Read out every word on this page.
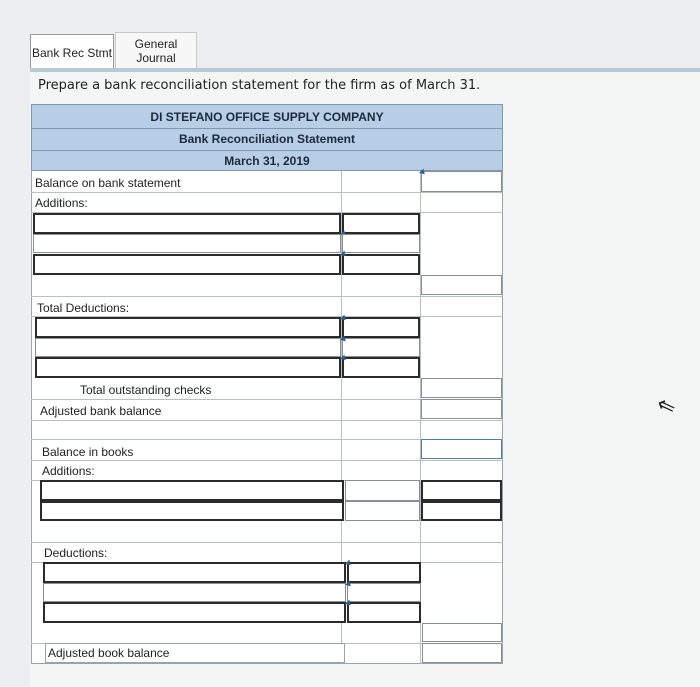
Bank Rec Stmt
General Journal
Prepare a bank reconciliation statement for the firm as of March 31.
DI STEFANO OFFICE SUPPLY COMPANY
Bank Reconciliation Statement
March 31, 2019
Balance on bank statement
Additions:
Total Deductions:
Total outstanding checks
Adjusted bank balance
Balance in books
Additions:
Deductions:
Adjusted book balance
⇖
